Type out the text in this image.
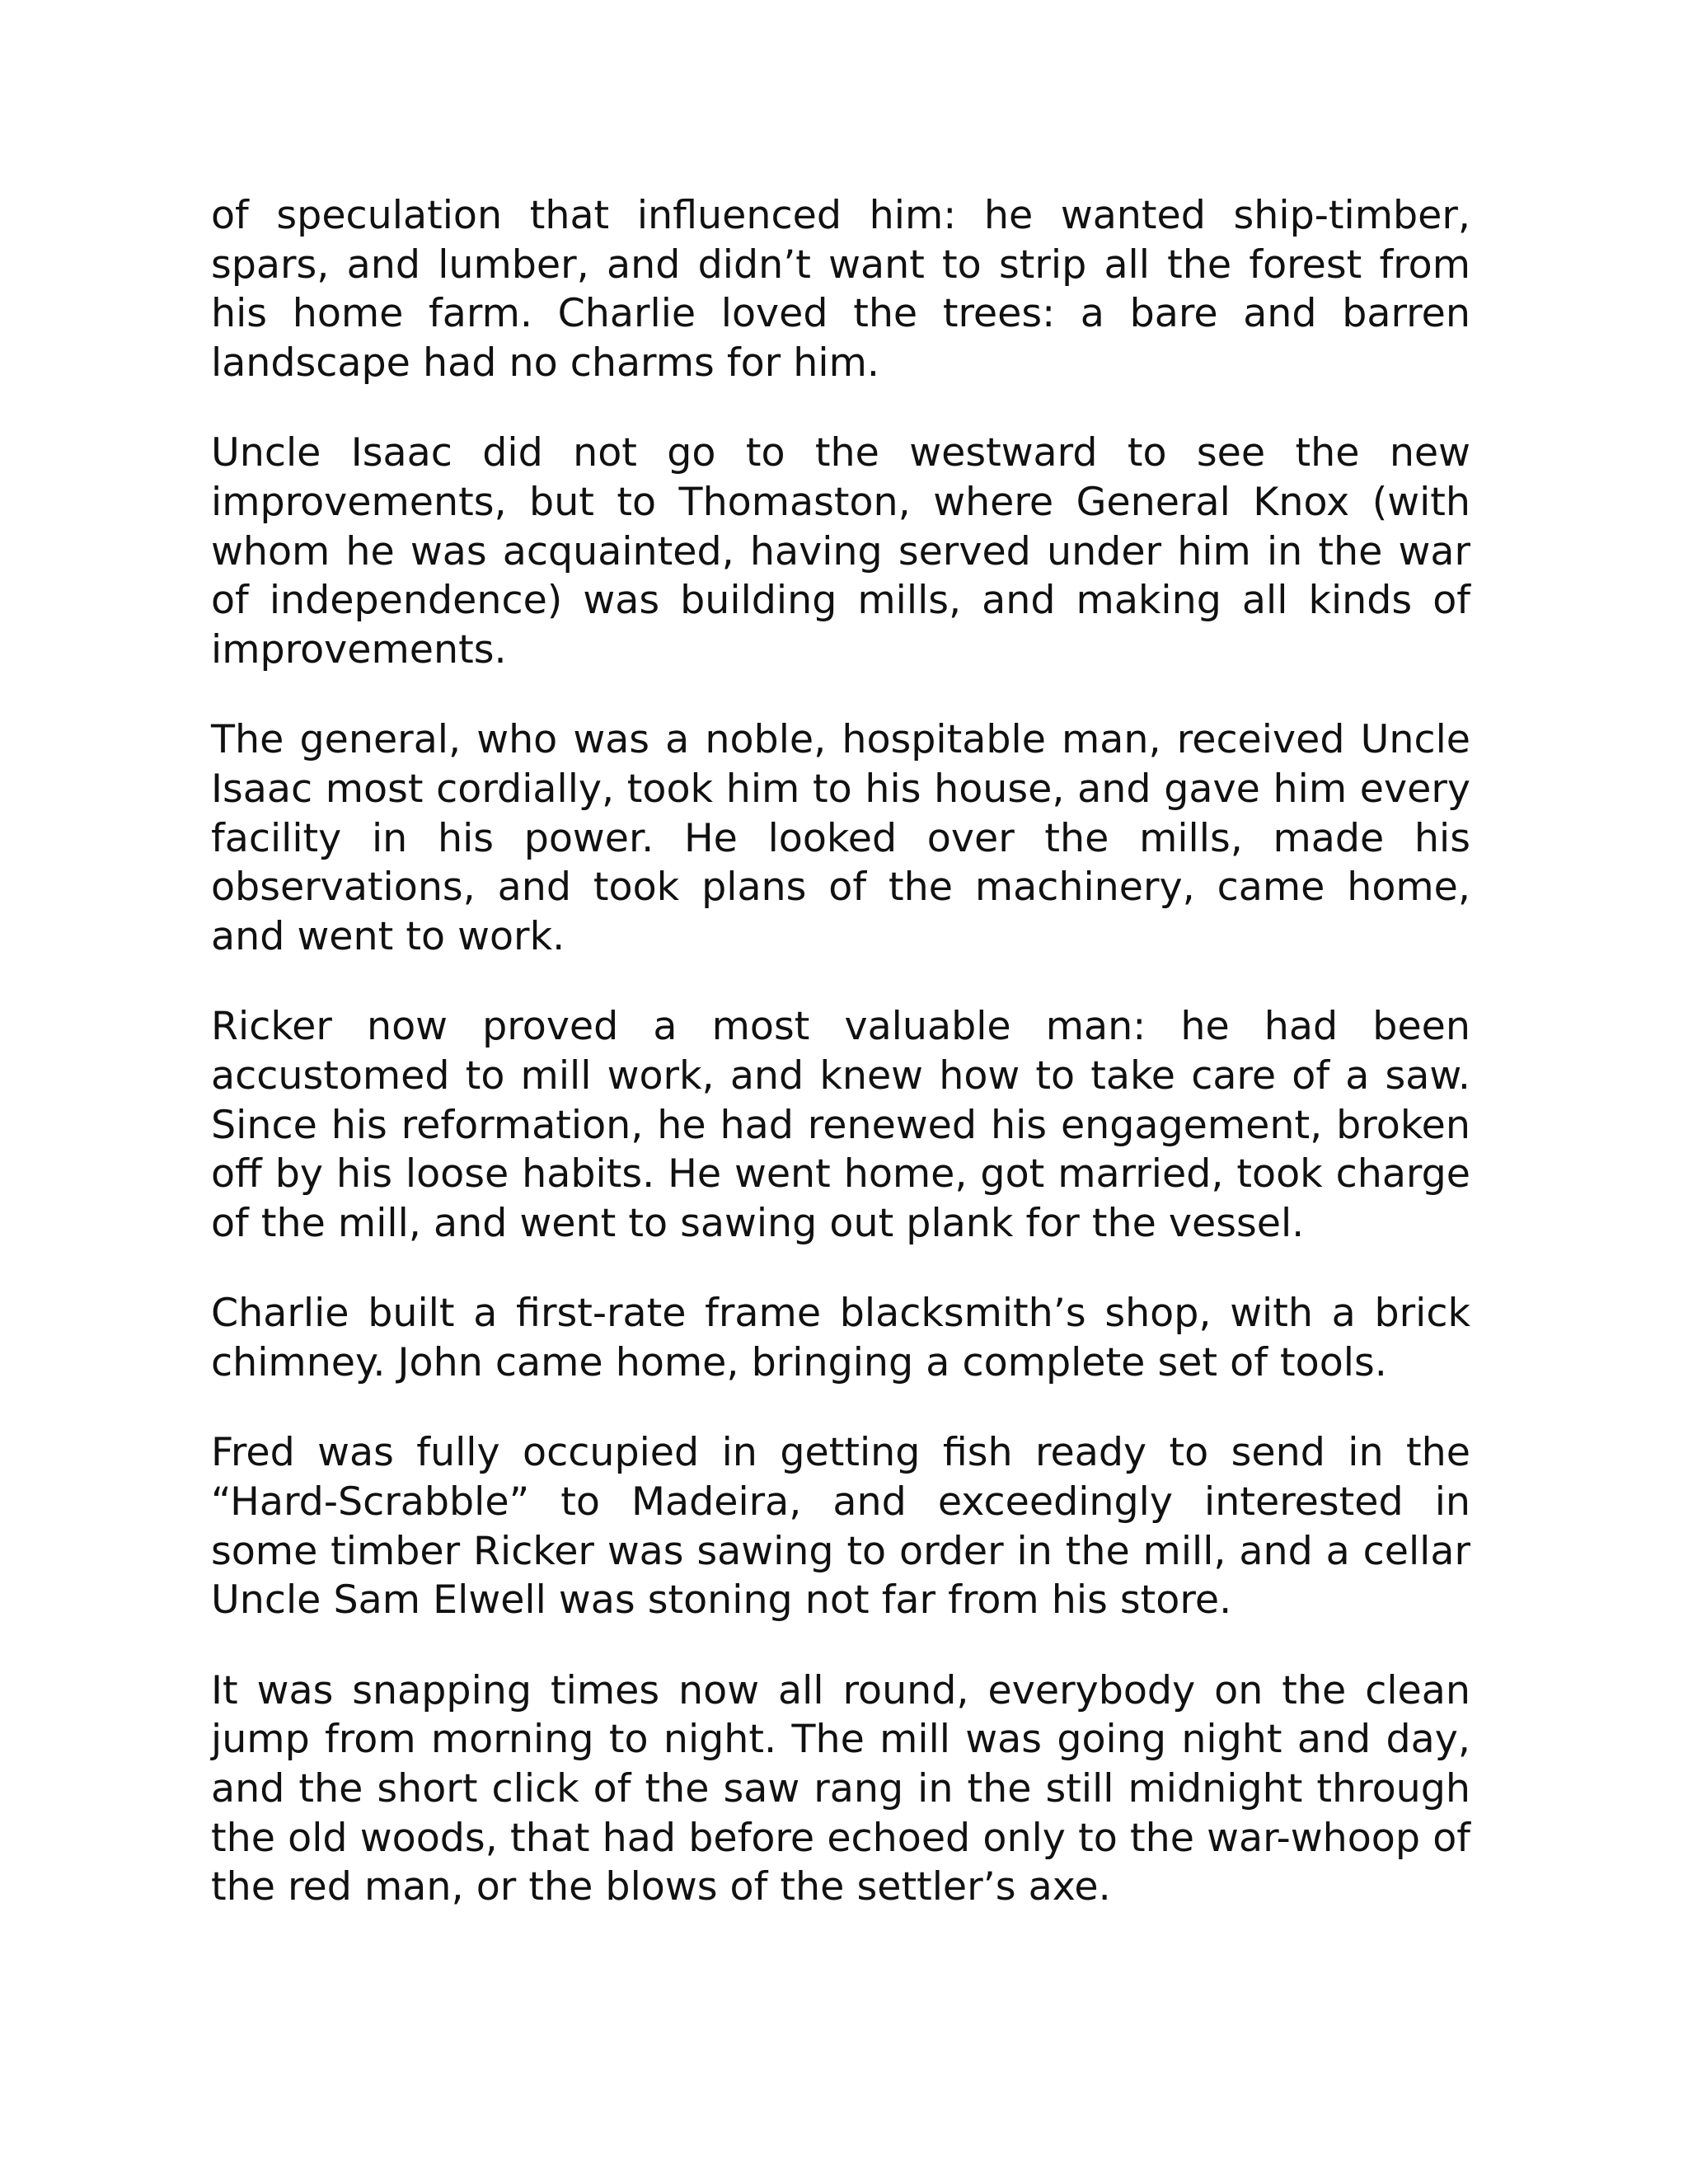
of speculation that influenced him: he wanted ship-timber, spars, and lumber, and didn’t want to strip all the forest from his home farm. Charlie loved the trees: a bare and barren landscape had no charms for him.

Uncle Isaac did not go to the westward to see the new improvements, but to Thomaston, where General Knox (with whom he was acquainted, having served under him in the war of independence) was building mills, and making all kinds of improvements.

The general, who was a noble, hospitable man, received Uncle Isaac most cordially, took him to his house, and gave him every facility in his power. He looked over the mills, made his observations, and took plans of the machinery, came home, and went to work.

Ricker now proved a most valuable man: he had been accustomed to mill work, and knew how to take care of a saw. Since his reformation, he had renewed his engagement, broken off by his loose habits. He went home, got married, took charge of the mill, and went to sawing out plank for the vessel.

Charlie built a first-rate frame blacksmith’s shop, with a brick chimney. John came home, bringing a complete set of tools.

Fred was fully occupied in getting fish ready to send in the “Hard-Scrabble” to Madeira, and exceedingly interested in some timber Ricker was sawing to order in the mill, and a cellar Uncle Sam Elwell was stoning not far from his store.

It was snapping times now all round, everybody on the clean jump from morning to night. The mill was going night and day, and the short click of the saw rang in the still midnight through the old woods, that had before echoed only to the war-whoop of the red man, or the blows of the settler’s axe.
